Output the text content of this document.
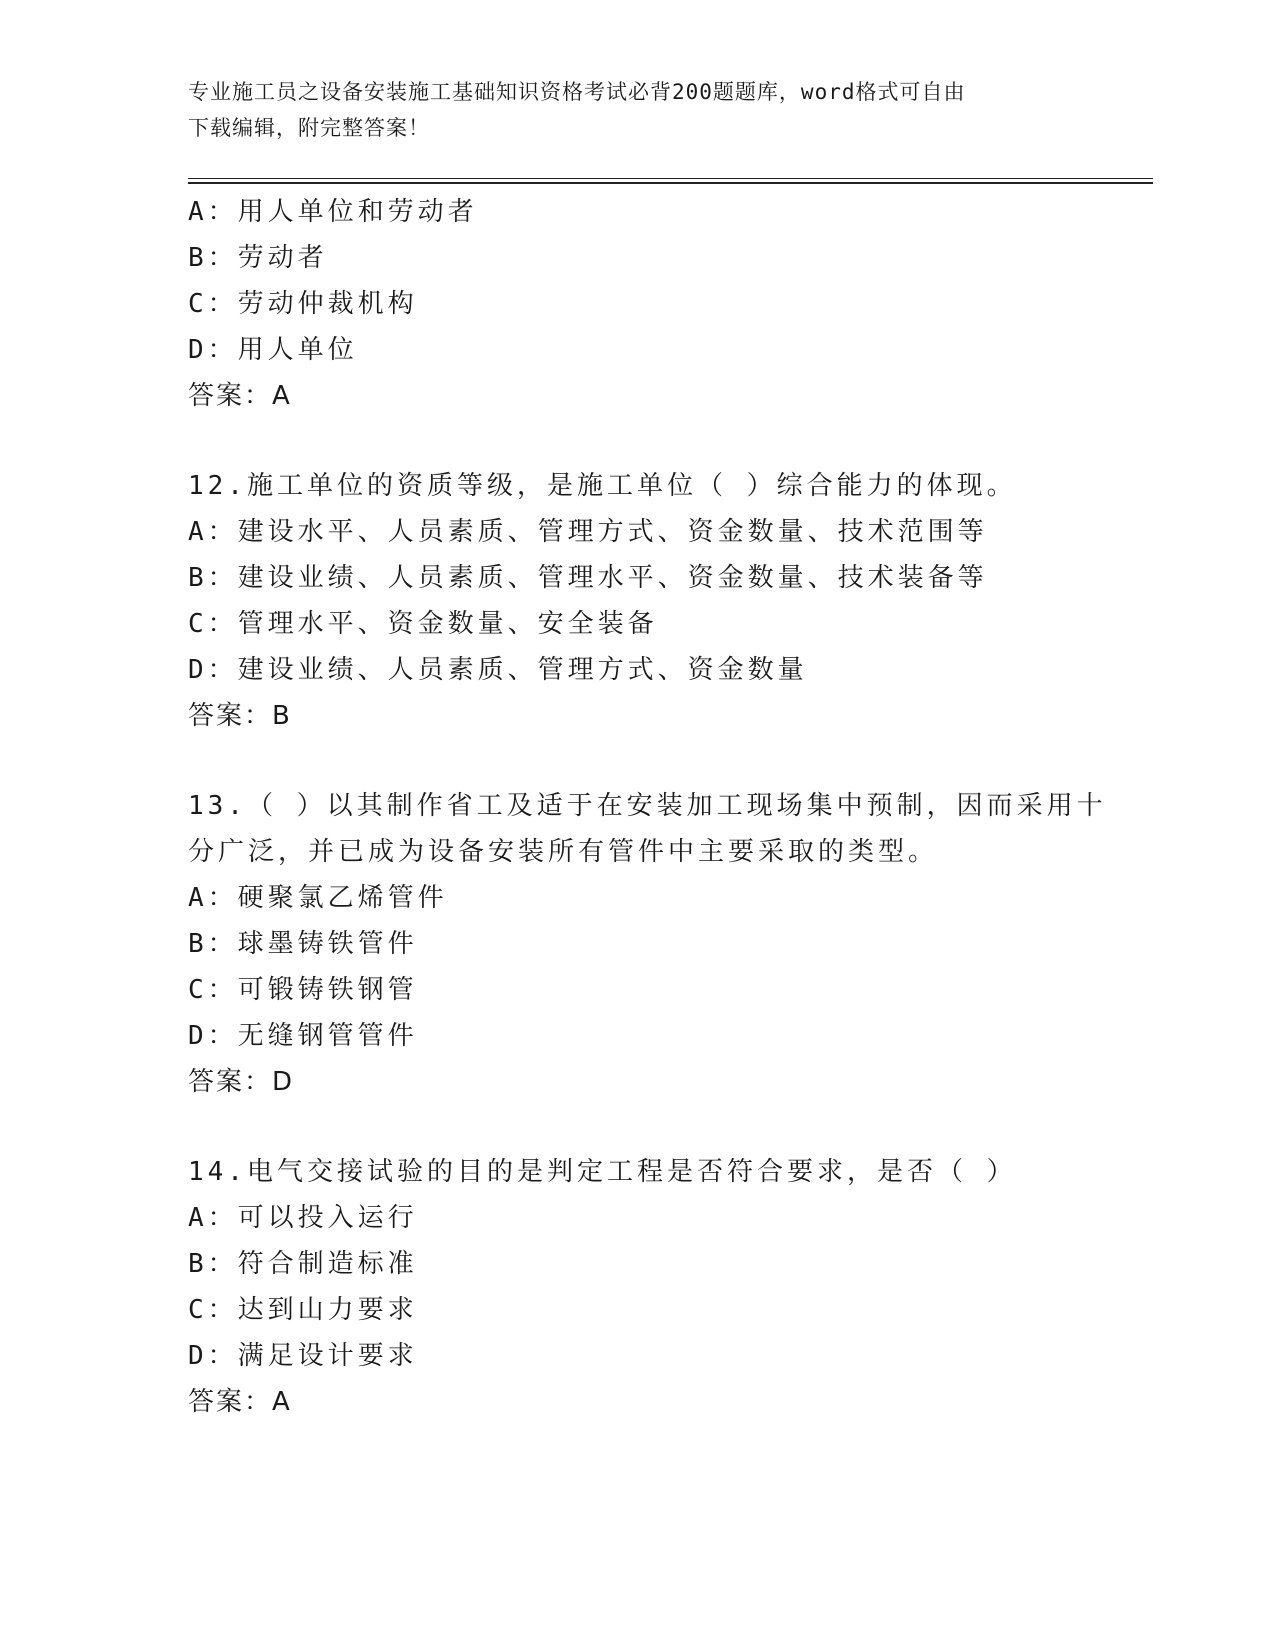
专业施工员之设备安装施工基础知识资格考试必背200题题库，word格式可自由
下载编辑，附完整答案！
A：用人单位和劳动者
B：劳动者
C：劳动仲裁机构
D：用人单位
答案：A
12.施工单位的资质等级，是施工单位（ ）综合能力的体现。
A：建设水平、人员素质、管理方式、资金数量、技术范围等
B：建设业绩、人员素质、管理水平、资金数量、技术装备等
C：管理水平、资金数量、安全装备
D：建设业绩、人员素质、管理方式、资金数量
答案：B
13.（ ）以其制作省工及适于在安装加工现场集中预制，因而采用十
分广泛，并已成为设备安装所有管件中主要采取的类型。
A：硬聚氯乙烯管件
B：球墨铸铁管件
C：可锻铸铁钢管
D：无缝钢管管件
答案：D
14.电气交接试验的目的是判定工程是否符合要求，是否（ ）
A：可以投入运行
B：符合制造标准
C：达到山力要求
D：满足设计要求
答案：A
